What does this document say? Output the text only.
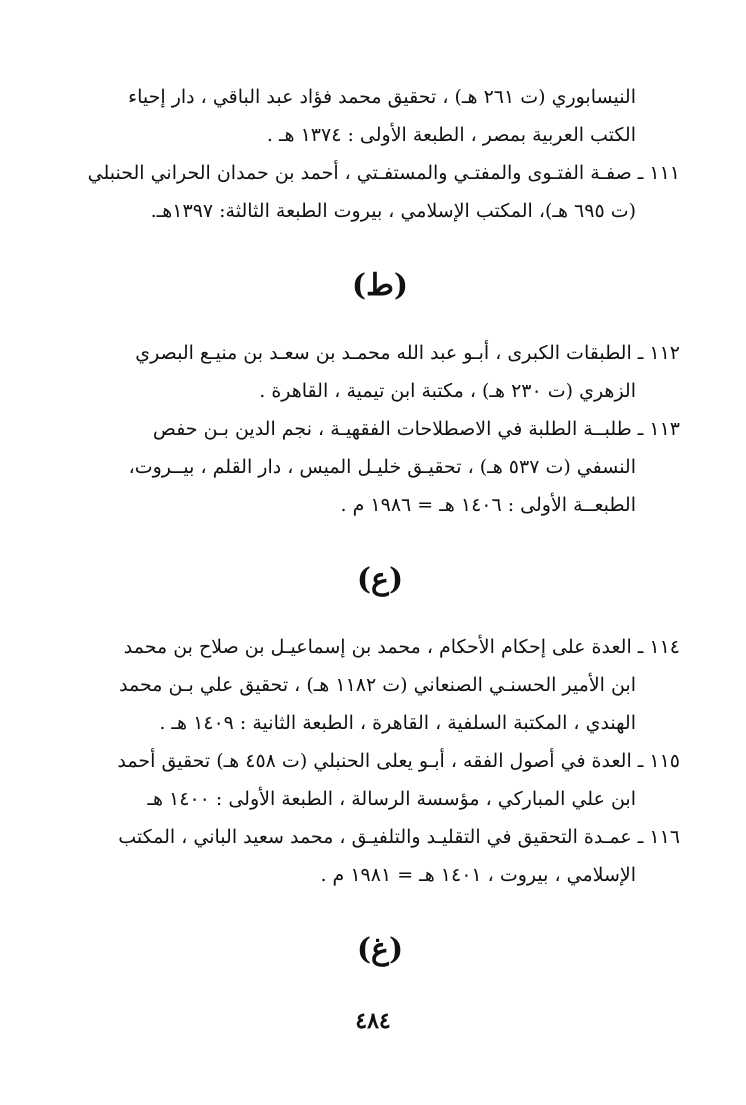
النيسابوري (ت ٢٦١ هـ) ، تحقيق محمد فؤاد عبد الباقي ، دار إحياء
الكتب العربية بمصر ، الطبعة الأولى : ١٣٧٤ هـ .

١١١ ـ صفـة الفتـوى والمفتـي والمستفـتي ، أحمد بن حمدان الحراني الحنبلي
(ت ٦٩٥ هـ)، المكتب الإسلامي ، بيروت الطبعة الثالثة: ١٣٩٧هـ.

(ط)

١١٢ ـ الطبقات الكبرى ، أبـو عبد الله محمـد بن سعـد بن منيـع البصري
الزهري (ت ٢٣٠ هـ) ، مكتبة ابن تيمية ، القاهرة .

١١٣ ـ طلبــة الطلبة في الاصطلاحات الفقهيـة ، نجم الدين بـن حفص
النسفي (ت ٥٣٧ هـ) ، تحقيـق خليـل الميس ، دار القلم ، بيــروت،
الطبعــة الأولى : ١٤٠٦ هـ = ١٩٨٦ م .

(ع)

١١٤ ـ العدة على إحكام الأحكام ، محمد بن إسماعيـل بن صلاح بن محمد
ابن الأمير الحسنـي الصنعاني (ت ١١٨٢ هـ) ، تحقيق علي بـن محمد
الهندي ، المكتبة السلفية ، القاهرة ، الطبعة الثانية : ١٤٠٩ هـ .

١١٥ ـ العدة في أصول الفقه ، أبـو يعلى الحنبلي (ت ٤٥٨ هـ) تحقيق أحمد
ابن علي المباركي ، مؤسسة الرسالة ، الطبعة الأولى : ١٤٠٠ هـ

١١٦ ـ عمـدة التحقيق في التقليـد والتلفيـق ، محمد سعيد الباني ، المكتب
الإسلامي ، بيروت ، ١٤٠١ هـ = ١٩٨١ م .

(غ)
٤٨٤
